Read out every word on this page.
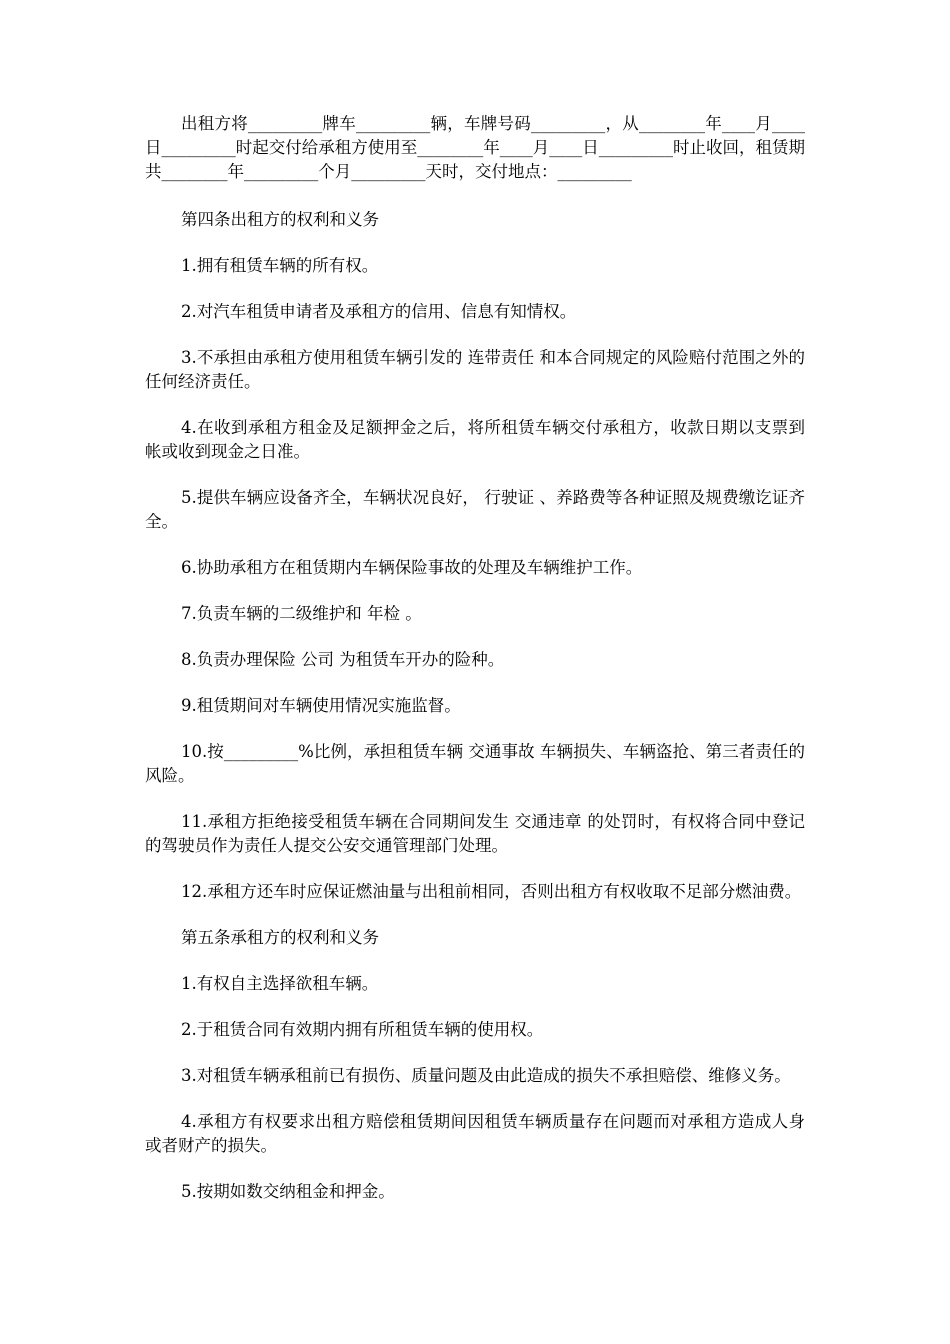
出租方将_________牌车_________辆，车牌号码_________，从________年____月____日_________时起交付给承租方使用至________年____月____日_________时止收回，租赁期共________年_________个月_________天时，交付地点：_________

第四条出租方的权利和义务

1.拥有租赁车辆的所有权。

2.对汽车租赁申请者及承租方的信用、信息有知情权。

3.不承担由承租方使用租赁车辆引发的 连带责任 和本合同规定的风险赔付范围之外的任何经济责任。

4.在收到承租方租金及足额押金之后，将所租赁车辆交付承租方，收款日期以支票到帐或收到现金之日准。

5.提供车辆应设备齐全，车辆状况良好， 行驶证 、养路费等各种证照及规费缴讫证齐全。

6.协助承租方在租赁期内车辆保险事故的处理及车辆维护工作。

7.负责车辆的二级维护和 年检 。

8.负责办理保险 公司 为租赁车开办的险种。

9.租赁期间对车辆使用情况实施监督。

10.按_________%比例，承担租赁车辆 交通事故 车辆损失、车辆盗抢、第三者责任的风险。

11.承租方拒绝接受租赁车辆在合同期间发生 交通违章 的处罚时，有权将合同中登记的驾驶员作为责任人提交公安交通管理部门处理。

12.承租方还车时应保证燃油量与出租前相同，否则出租方有权收取不足部分燃油费。

第五条承租方的权利和义务

1.有权自主选择欲租车辆。

2.于租赁合同有效期内拥有所租赁车辆的使用权。

3.对租赁车辆承租前已有损伤、质量问题及由此造成的损失不承担赔偿、维修义务。

4.承租方有权要求出租方赔偿租赁期间因租赁车辆质量存在问题而对承租方造成人身或者财产的损失。

5.按期如数交纳租金和押金。
